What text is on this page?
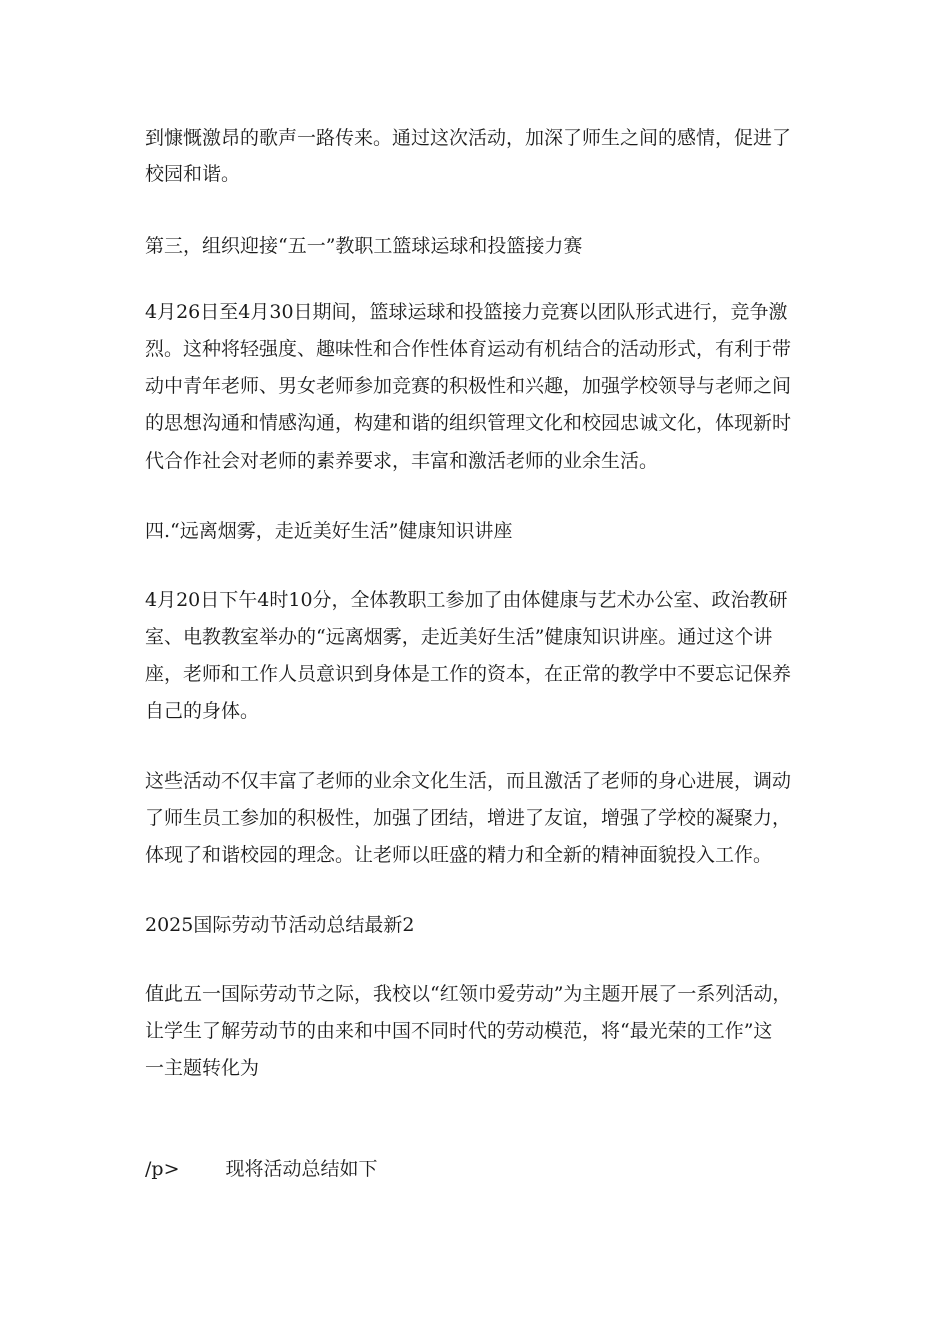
到慷慨激昂的歌声一路传来。通过这次活动，加深了师生之间的感情，促进了
校园和谐。
第三，组织迎接“五一”教职工篮球运球和投篮接力赛
4月26日至4月30日期间，篮球运球和投篮接力竞赛以团队形式进行，竞争激
烈。这种将轻强度、趣味性和合作性体育运动有机结合的活动形式，有利于带
动中青年老师、男女老师参加竞赛的积极性和兴趣，加强学校领导与老师之间
的思想沟通和情感沟通，构建和谐的组织管理文化和校园忠诚文化，体现新时
代合作社会对老师的素养要求，丰富和激活老师的业余生活。
四.“远离烟雾，走近美好生活”健康知识讲座
4月20日下午4时10分，全体教职工参加了由体健康与艺术办公室、政治教研
室、电教教室举办的“远离烟雾，走近美好生活”健康知识讲座。通过这个讲
座，老师和工作人员意识到身体是工作的资本，在正常的教学中不要忘记保养
自己的身体。
这些活动不仅丰富了老师的业余文化生活，而且激活了老师的身心进展，调动
了师生员工参加的积极性，加强了团结，增进了友谊，增强了学校的凝聚力，
体现了和谐校园的理念。让老师以旺盛的精力和全新的精神面貌投入工作。
2025国际劳动节活动总结最新2
值此五一国际劳动节之际，我校以“红领巾爱劳动”为主题开展了一系列活动，
让学生了解劳动节的由来和中国不同时代的劳动模范，将“最光荣的工作”这
一主题转化为
/p> 现将活动总结如下
